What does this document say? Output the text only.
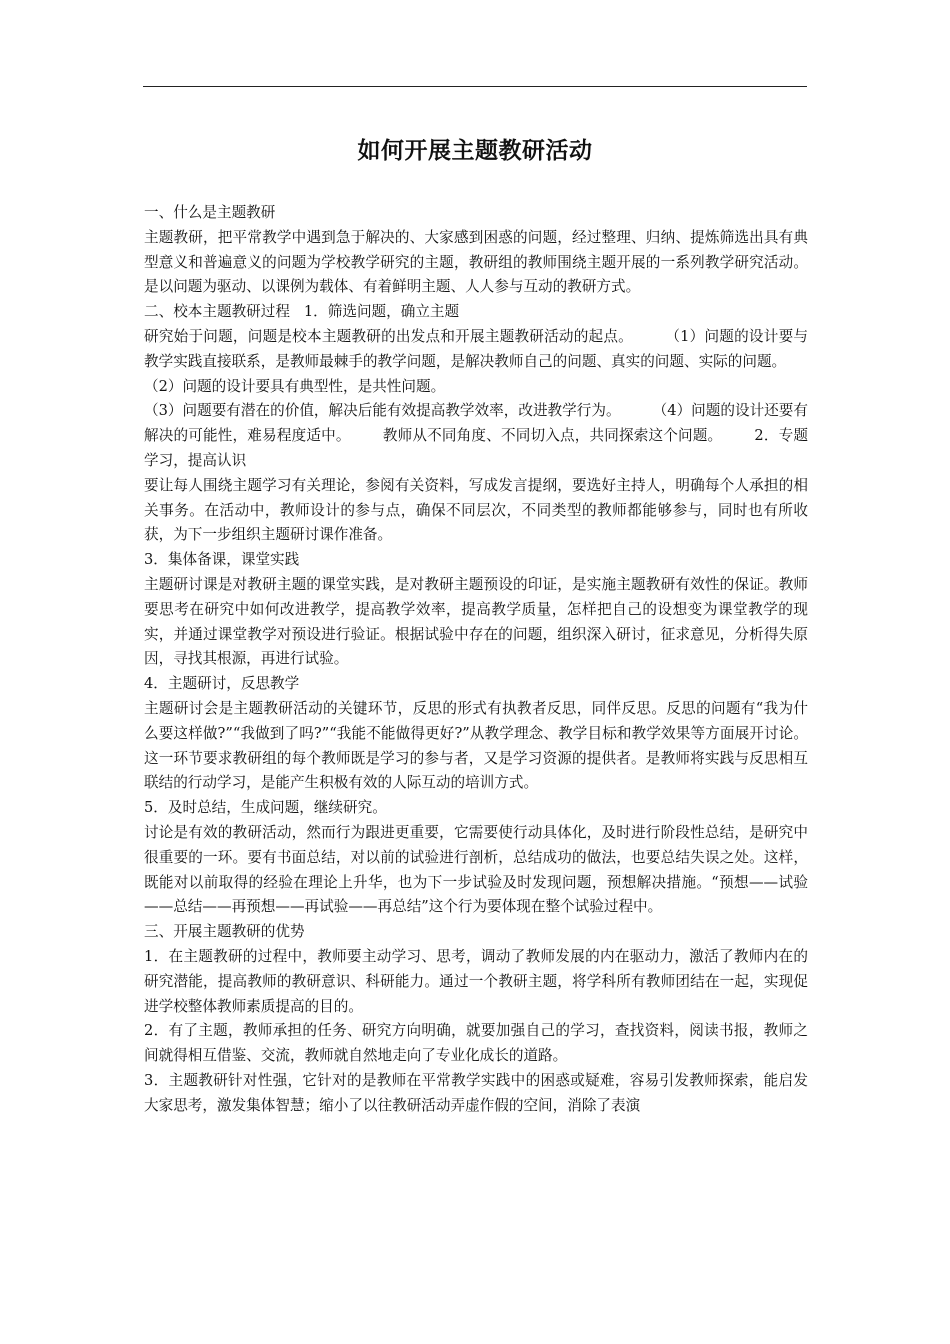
如何开展主题教研活动

一、什么是主题教研

主题教研，把平常教学中遇到急于解决的、大家感到困惑的问题，经过整理、归纳、提炼筛选出具有典型意义和普遍意义的问题为学校教学研究的主题，教研组的教师围绕主题开展的一系列教学研究活动。是以问题为驱动、以课例为载体、有着鲜明主题、人人参与互动的教研方式。

二、校本主题教研过程 1．筛选问题，确立主题

研究始于问题，问题是校本主题教研的出发点和开展主题教研活动的起点。 （1）问题的设计要与教学实践直接联系，是教师最棘手的教学问题，是解决教师自己的问题、真实的问题、实际的问题。

（2）问题的设计要具有典型性，是共性问题。

（3）问题要有潜在的价值，解决后能有效提高教学效率，改进教学行为。 （4）问题的设计还要有解决的可能性，难易程度适中。 教师从不同角度、不同切入点，共同探索这个问题。 2．专题学习，提高认识

要让每人围绕主题学习有关理论，参阅有关资料，写成发言提纲，要选好主持人，明确每个人承担的相关事务。在活动中，教师设计的参与点，确保不同层次，不同类型的教师都能够参与，同时也有所收获，为下一步组织主题研讨课作准备。

3．集体备课，课堂实践

主题研讨课是对教研主题的课堂实践，是对教研主题预设的印证，是实施主题教研有效性的保证。教师要思考在研究中如何改进教学，提高教学效率，提高教学质量，怎样把自己的设想变为课堂教学的现实，并通过课堂教学对预设进行验证。根据试验中存在的问题，组织深入研讨，征求意见，分析得失原因，寻找其根源，再进行试验。

4．主题研讨，反思教学

主题研讨会是主题教研活动的关键环节，反思的形式有执教者反思，同伴反思。反思的问题有“我为什么要这样做?”“我做到了吗?”“我能不能做得更好?”从教学理念、教学目标和教学效果等方面展开讨论。这一环节要求教研组的每个教师既是学习的参与者，又是学习资源的提供者。是教师将实践与反思相互联结的行动学习，是能产生积极有效的人际互动的培训方式。

5．及时总结，生成问题，继续研究。

讨论是有效的教研活动，然而行为跟进更重要，它需要使行动具体化，及时进行阶段性总结，是研究中很重要的一环。要有书面总结，对以前的试验进行剖析，总结成功的做法，也要总结失误之处。这样，既能对以前取得的经验在理论上升华，也为下一步试验及时发现问题，预想解决措施。“预想——试验——总结——再预想——再试验——再总结”这个行为要体现在整个试验过程中。

三、开展主题教研的优势

1．在主题教研的过程中，教师要主动学习、思考，调动了教师发展的内在驱动力，激活了教师内在的研究潜能，提高教师的教研意识、科研能力。通过一个教研主题，将学科所有教师团结在一起，实现促进学校整体教师素质提高的目的。

2．有了主题，教师承担的任务、研究方向明确，就要加强自己的学习，查找资料，阅读书报，教师之间就得相互借鉴、交流，教师就自然地走向了专业化成长的道路。

3．主题教研针对性强，它针对的是教师在平常教学实践中的困惑或疑难，容易引发教师探索，能启发大家思考，激发集体智慧；缩小了以往教研活动弄虚作假的空间，消除了表演
